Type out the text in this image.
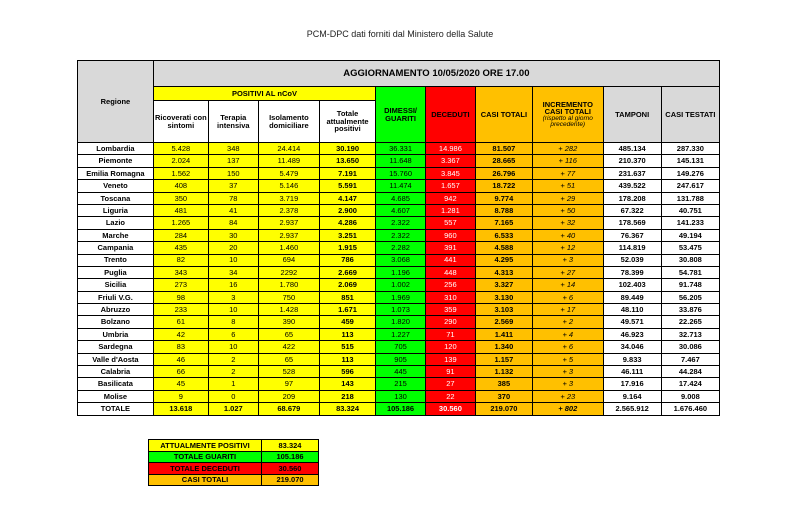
PCM-DPC dati forniti dal Ministero della Salute
Regione	AGGIORNAMENTO 10/05/2020 ORE 17.00									
	POSITIVI AL nCoV				DIMESSI/ GUARITI	DECEDUTI	CASI TOTALI	INCREMENTO CASI TOTALI
(rispetto al giorno precedente)	TAMPONI	CASI TESTATI
	Ricoverati con sintomi	Terapia intensiva	Isolamento domiciliare	Totale attualmente positivi						
Lombardia	5.428	348	24.414	30.190	36.331	14.986	81.507	+ 282	485.134	287.330
Piemonte	2.024	137	11.489	13.650	11.648	3.367	28.665	+ 116	210.370	145.131
Emilia Romagna	1.562	150	5.479	7.191	15.760	3.845	26.796	+ 77	231.637	149.276
Veneto	408	37	5.146	5.591	11.474	1.657	18.722	+ 51	439.522	247.617
Toscana	350	78	3.719	4.147	4.685	942	9.774	+ 29	178.208	131.788
Liguria	481	41	2.378	2.900	4.607	1.281	8.788	+ 50	67.322	40.751
Lazio	1.265	84	2.937	4.286	2.322	557	7.165	+ 32	178.569	141.233
Marche	284	30	2.937	3.251	2.322	960	6.533	+ 40	76.367	49.194
Campania	435	20	1.460	1.915	2.282	391	4.588	+ 12	114.819	53.475
Trento	82	10	694	786	3.068	441	4.295	+ 3	52.039	30.808
Puglia	343	34	2292	2.669	1.196	448	4.313	+ 27	78.399	54.781
Sicilia	273	16	1.780	2.069	1.002	256	3.327	+ 14	102.403	91.748
Friuli V.G.	98	3	750	851	1.969	310	3.130	+ 6	89.449	56.205
Abruzzo	233	10	1.428	1.671	1.073	359	3.103	+ 17	48.110	33.876
Bolzano	61	8	390	459	1.820	290	2.569	+ 2	49.571	22.265
Umbria	42	6	65	113	1.227	71	1.411	+ 4	46.923	32.713
Sardegna	83	10	422	515	705	120	1.340	+ 6	34.046	30.086
Valle d'Aosta	46	2	65	113	905	139	1.157	+ 5	9.833	7.467
Calabria	66	2	528	596	445	91	1.132	+ 3	46.111	44.284
Basilicata	45	1	97	143	215	27	385	+ 3	17.916	17.424
Molise	9	0	209	218	130	22	370	+ 23	9.164	9.008
TOTALE	13.618	1.027	68.679	83.324	105.186	30.560	219.070	+ 802	2.565.912	1.676.460
ATTUALMENTE POSITIVI	83.324
TOTALE GUARITI	105.186
TOTALE DECEDUTI	30.560
CASI TOTALI	219.070
